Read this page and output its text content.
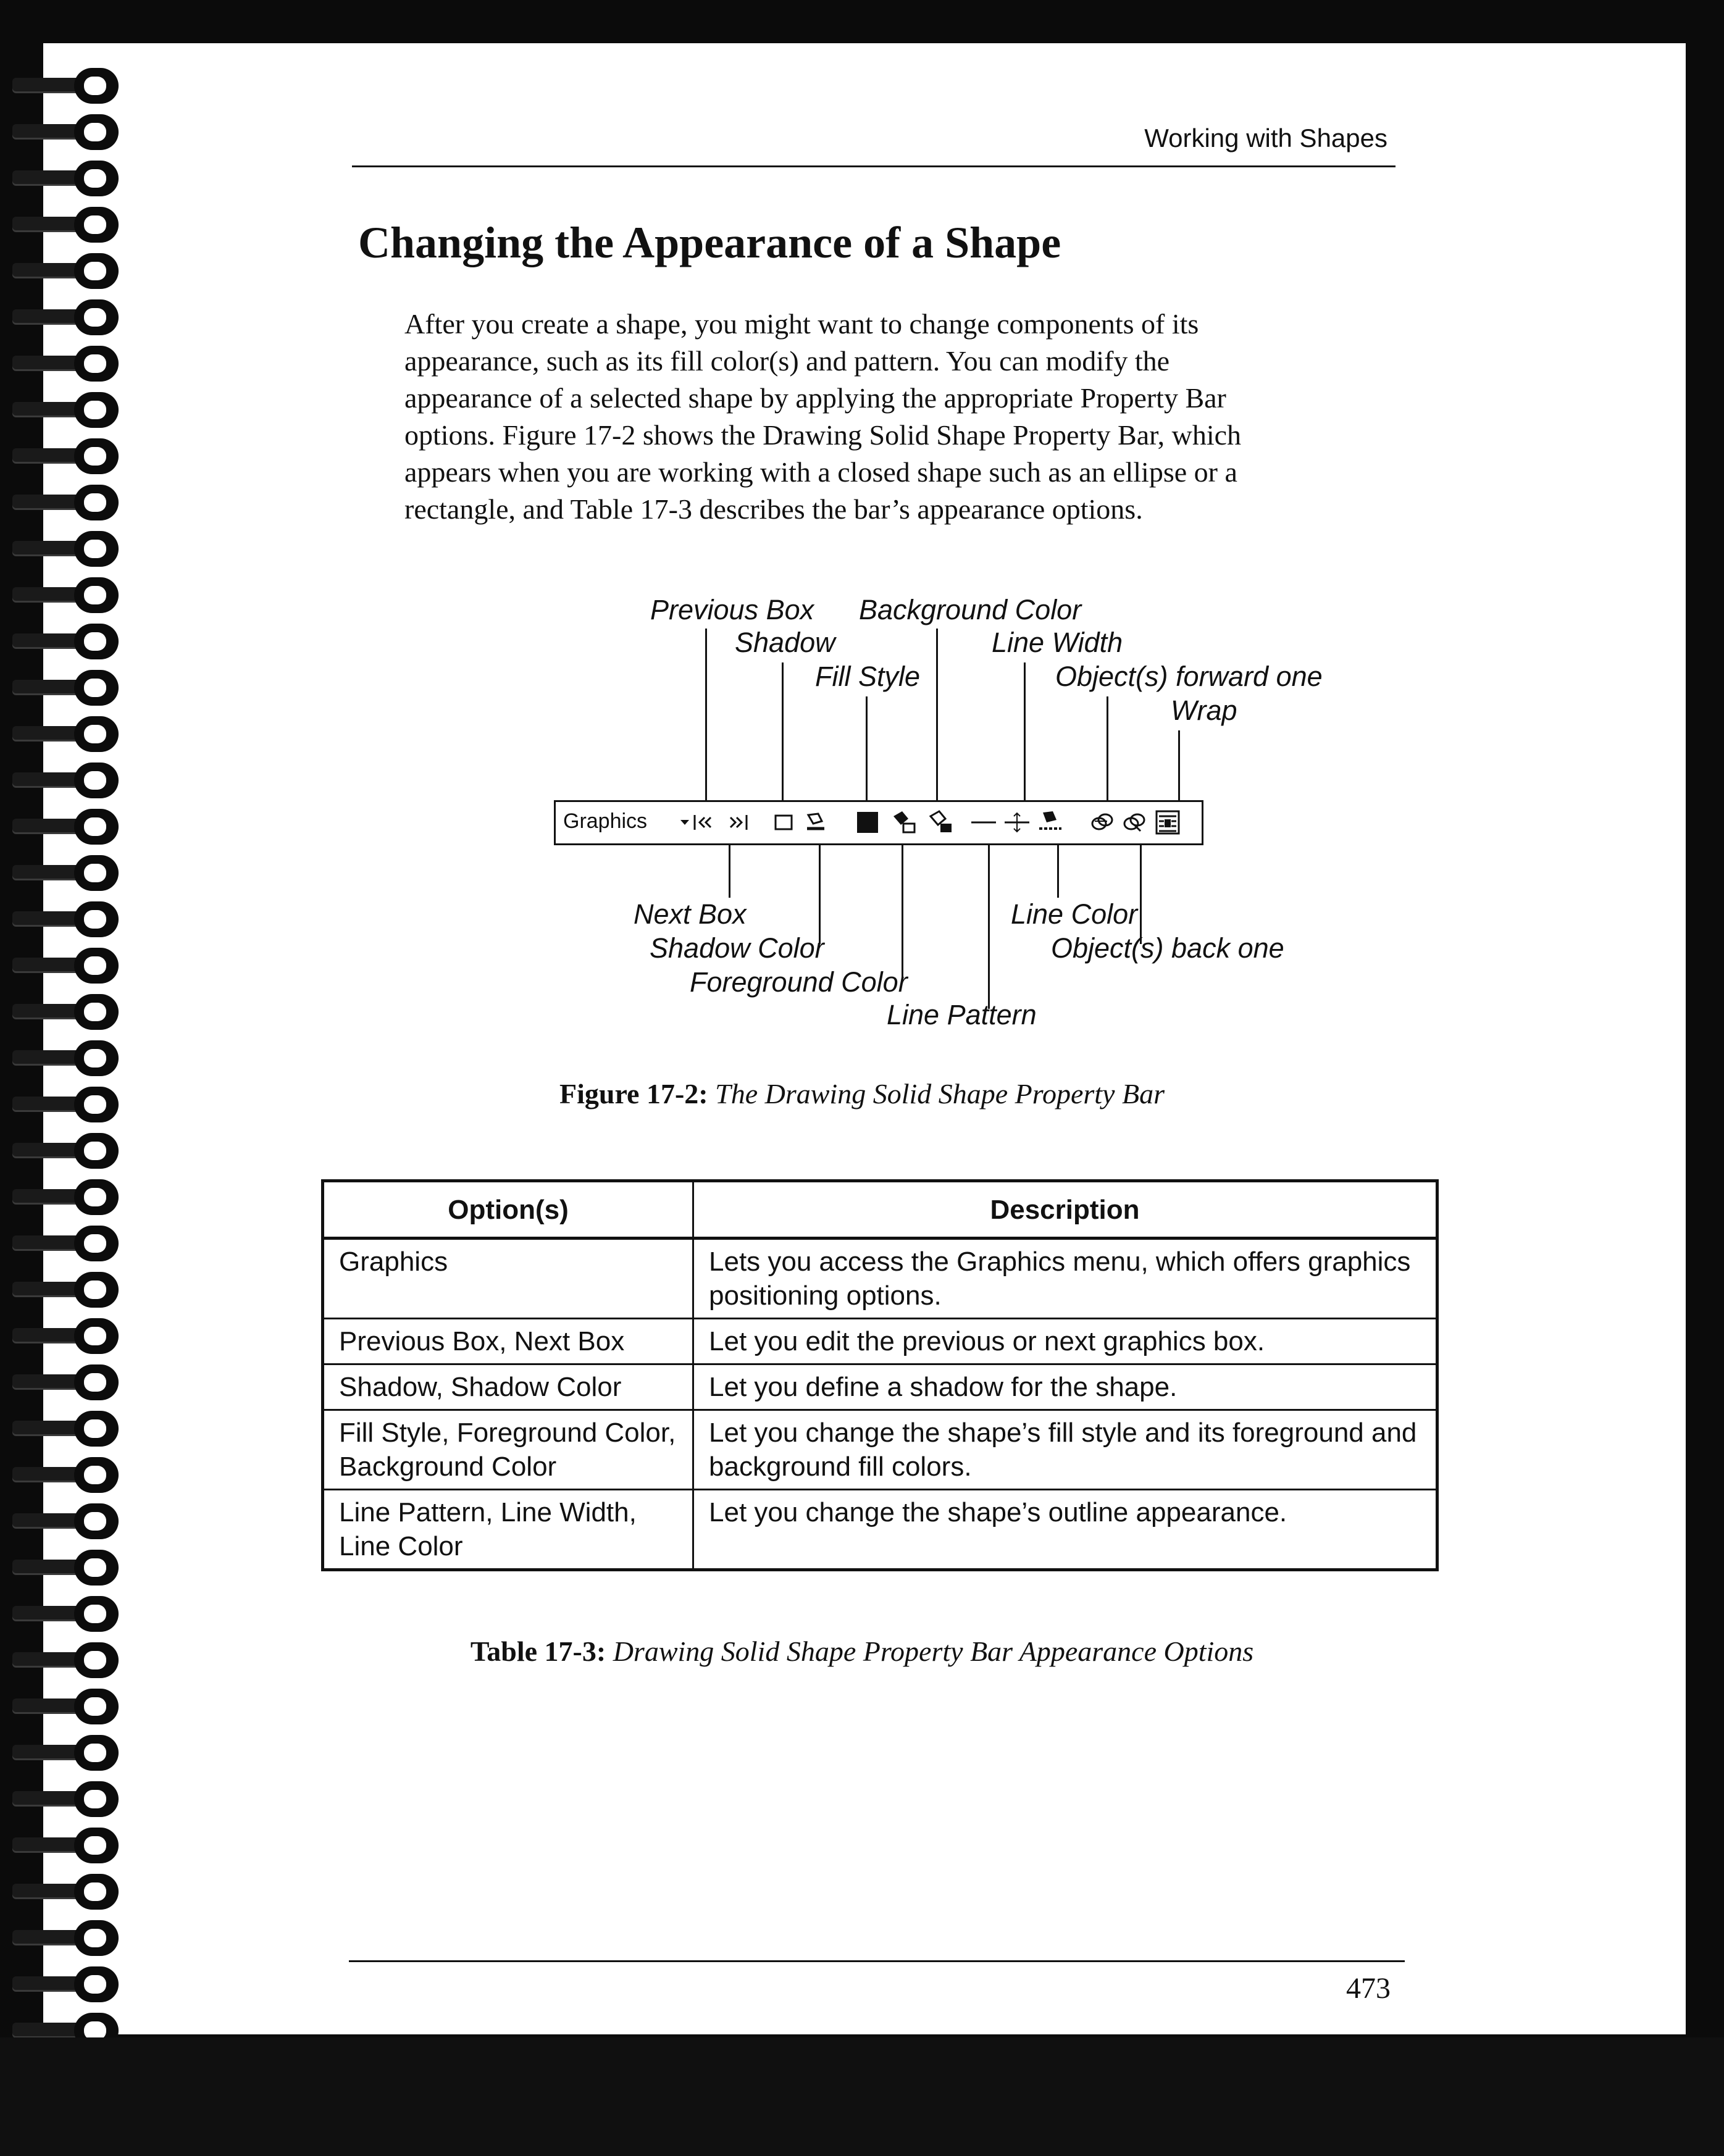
Working with Shapes
Changing the Appearance of a Shape

After you create a shape, you might want to change components of its
appearance, such as its fill color(s) and pattern. You can modify the
appearance of a selected shape by applying the appropriate Property Bar
options. Figure 17-2 shows the Drawing Solid Shape Property Bar, which
appears when you are working with a closed shape such as an ellipse or a
rectangle, and Table 17-3 describes the bar’s appearance options.

Previous Box Background Color
Shadow	Line Width
Fill Style	Object(s) forward one
Wrap
Graphics
Next Box	Line Color
Shadow Color	Object(s) back one
Foreground Color
Line Pattern
Figure 17-2: The Drawing Solid Shape Property Bar
Option(s)	Description
Graphics	Lets you access the Graphics menu, which offers graphics positioning options.
Previous Box, Next Box	Let you edit the previous or next graphics box.
Shadow, Shadow Color	Let you define a shadow for the shape.
Fill Style, Foreground Color, Background Color	Let you change the shape’s fill style and its foreground and background fill colors.
Line Pattern, Line Width, Line Color	Let you change the shape’s outline appearance.
Table 17-3: Drawing Solid Shape Property Bar Appearance Options
473
